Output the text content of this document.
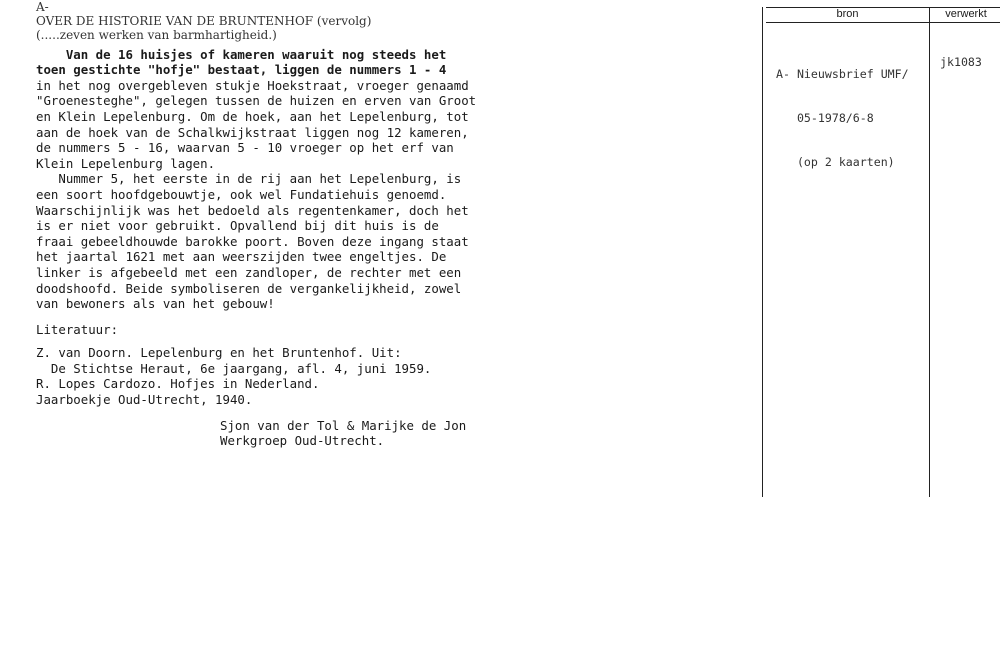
A-
OVER DE HISTORIE VAN DE BRUNTENHOF (vervolg)
(.....zeven werken van barmhartigheid.)
Van de 16 huisjes of kameren waaruit nog steeds het
toen gestichte "hofje" bestaat, liggen de nummers 1 - 4
in het nog overgebleven stukje Hoekstraat, vroeger genaamd
"Groenesteghe", gelegen tussen de huizen en erven van Groot
en Klein Lepelenburg. Om de hoek, aan het Lepelenburg, tot
aan de hoek van de Schalkwijkstraat liggen nog 12 kameren,
de nummers 5 - 16, waarvan 5 - 10 vroeger op het erf van
Klein Lepelenburg lagen.
Nummer 5, het eerste in de rij aan het Lepelenburg, is
een soort hoofdgebouwtje, ook wel Fundatiehuis genoemd.
Waarschijnlijk was het bedoeld als regentenkamer, doch het
is er niet voor gebruikt. Opvallend bij dit huis is de
fraai gebeeldhouwde barokke poort. Boven deze ingang staat
het jaartal 1621 met aan weerszijden twee engeltjes. De
linker is afgebeeld met een zandloper, de rechter met een
doodshoofd. Beide symboliseren de vergankelijkheid, zowel
van bewoners als van het gebouw!
Literatuur:
Z. van Doorn. Lepelenburg en het Bruntenhof. Uit:
De Stichtse Heraut, 6e jaargang, afl. 4, juni 1959.
R. Lopes Cardozo. Hofjes in Nederland.
Jaarboekje Oud-Utrecht, 1940.
Sjon van der Tol & Marijke de Jon
Werkgroep Oud-Utrecht.
bron	verwerkt

A- Nieuwsbrief UMF/

05-1978/6-8

(op 2 kaarten)

jk1083
